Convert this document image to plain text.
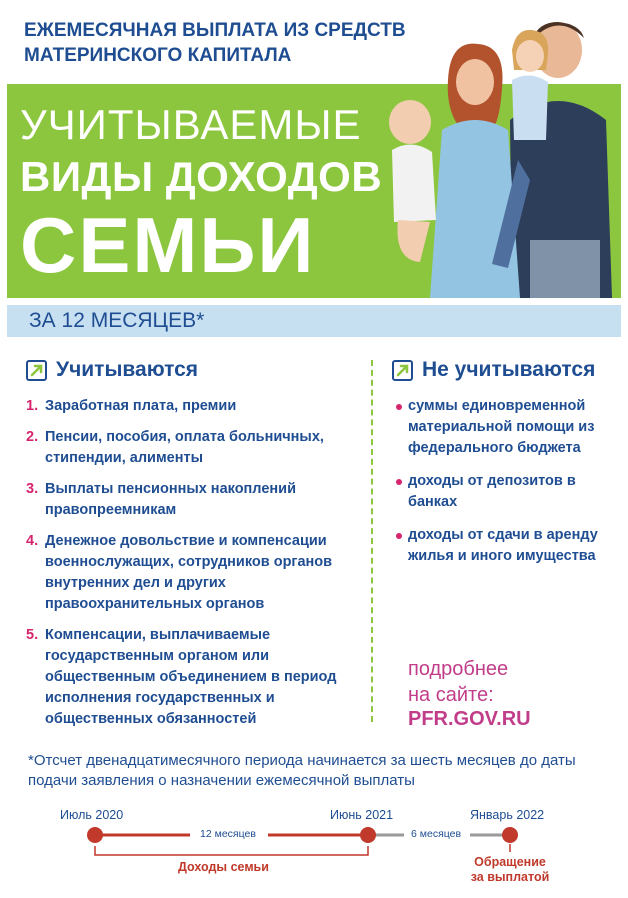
ЕЖЕМЕСЯЧНАЯ ВЫПЛАТА ИЗ СРЕДСТВ МАТЕРИНСКОГО КАПИТАЛА
УЧИТЫВАЕМЫЕ
ВИДЫ ДОХОДОВ
СЕМЬИ
ЗА 12 МЕСЯЦЕВ*
Учитываются
1. Заработная плата, премии
2. Пенсии, пособия, оплата больничных, стипендии, алименты
3. Выплаты пенсионных накоплений правопреемникам
4. Денежное довольствие и компенсации военнослужащих, сотрудников органов внутренних дел и других правоохранительных органов
5. Компенсации, выплачиваемые государственным органом или общественным объединением в период исполнения государственных и общественных обязанностей
Не учитываются
суммы единовременной материальной помощи из федерального бюджета
доходы от депозитов в банках
доходы от сдачи в аренду жилья и иного имущества
подробнее
на сайте:
PFR.GOV.RU
*Отсчет двенадцатимесячного периода начинается за шесть месяцев до даты подачи заявления о назначении ежемесячной выплаты
Июль 2020	Июнь 2021	Январь 2022
12 месяцев	6 месяцев
Доходы семьи	Обращение
за выплатой
